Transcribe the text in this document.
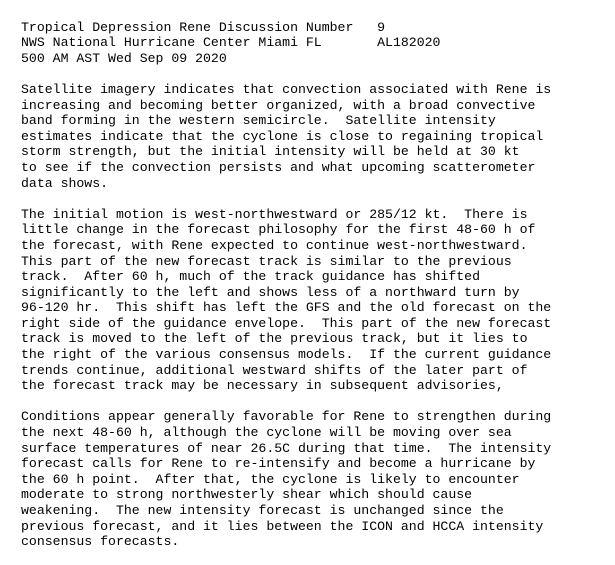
Tropical Depression Rene Discussion Number   9
NWS National Hurricane Center Miami FL       AL182020
500 AM AST Wed Sep 09 2020
Satellite imagery indicates that convection associated with Rene is
increasing and becoming better organized, with a broad convective
band forming in the western semicircle.  Satellite intensity
estimates indicate that the cyclone is close to regaining tropical
storm strength, but the initial intensity will be held at 30 kt
to see if the convection persists and what upcoming scatterometer
data shows.
The initial motion is west-northwestward or 285/12 kt.  There is
little change in the forecast philosophy for the first 48-60 h of
the forecast, with Rene expected to continue west-northwestward.
This part of the new forecast track is similar to the previous
track.  After 60 h, much of the track guidance has shifted
significantly to the left and shows less of a northward turn by
96-120 hr.  This shift has left the GFS and the old forecast on the
right side of the guidance envelope.  This part of the new forecast
track is moved to the left of the previous track, but it lies to
the right of the various consensus models.  If the current guidance
trends continue, additional westward shifts of the later part of
the forecast track may be necessary in subsequent advisories,
Conditions appear generally favorable for Rene to strengthen during
the next 48-60 h, although the cyclone will be moving over sea
surface temperatures of near 26.5C during that time.  The intensity
forecast calls for Rene to re-intensify and become a hurricane by
the 60 h point.  After that, the cyclone is likely to encounter
moderate to strong northwesterly shear which should cause
weakening.  The new intensity forecast is unchanged since the
previous forecast, and it lies between the ICON and HCCA intensity
consensus forecasts.
